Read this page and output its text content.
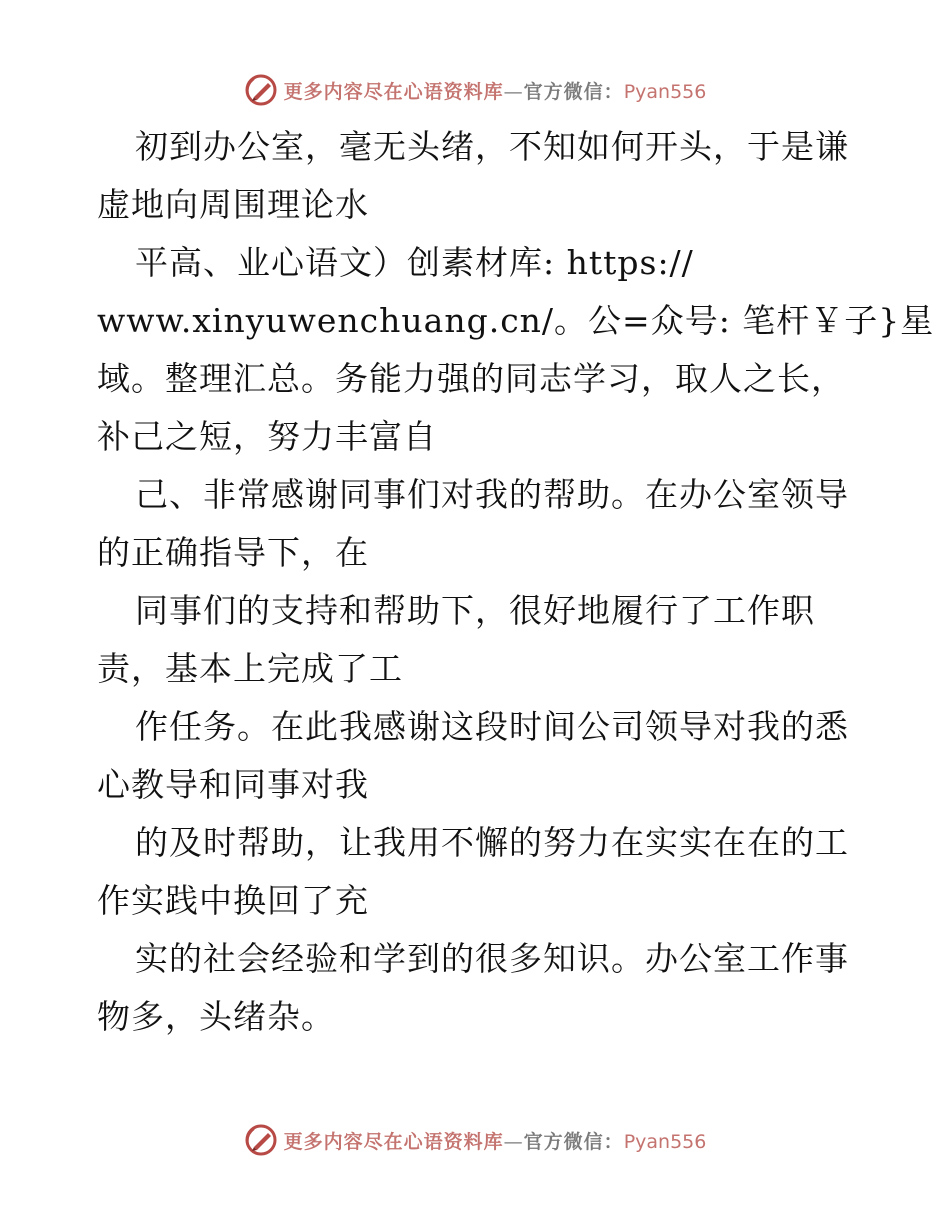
更多内容尽在心语资料库—官方微信：Pyan556
初到办公室，毫无头绪，不知如何开头，于是谦
虚地向周围理论水
平高、业心语文）创素材库: https://
www.xinyuwenchuang.cn/。公=众号: 笔杆￥子}星
域。整理汇总。务能力强的同志学习，取人之长，
补己之短，努力丰富自
己、非常感谢同事们对我的帮助。在办公室领导
的正确指导下，在
同事们的支持和帮助下，很好地履行了工作职
责，基本上完成了工
作任务。在此我感谢这段时间公司领导对我的悉
心教导和同事对我
的及时帮助，让我用不懈的努力在实实在在的工
作实践中换回了充
实的社会经验和学到的很多知识。办公室工作事
物多，头绪杂。
更多内容尽在心语资料库—官方微信：Pyan556
